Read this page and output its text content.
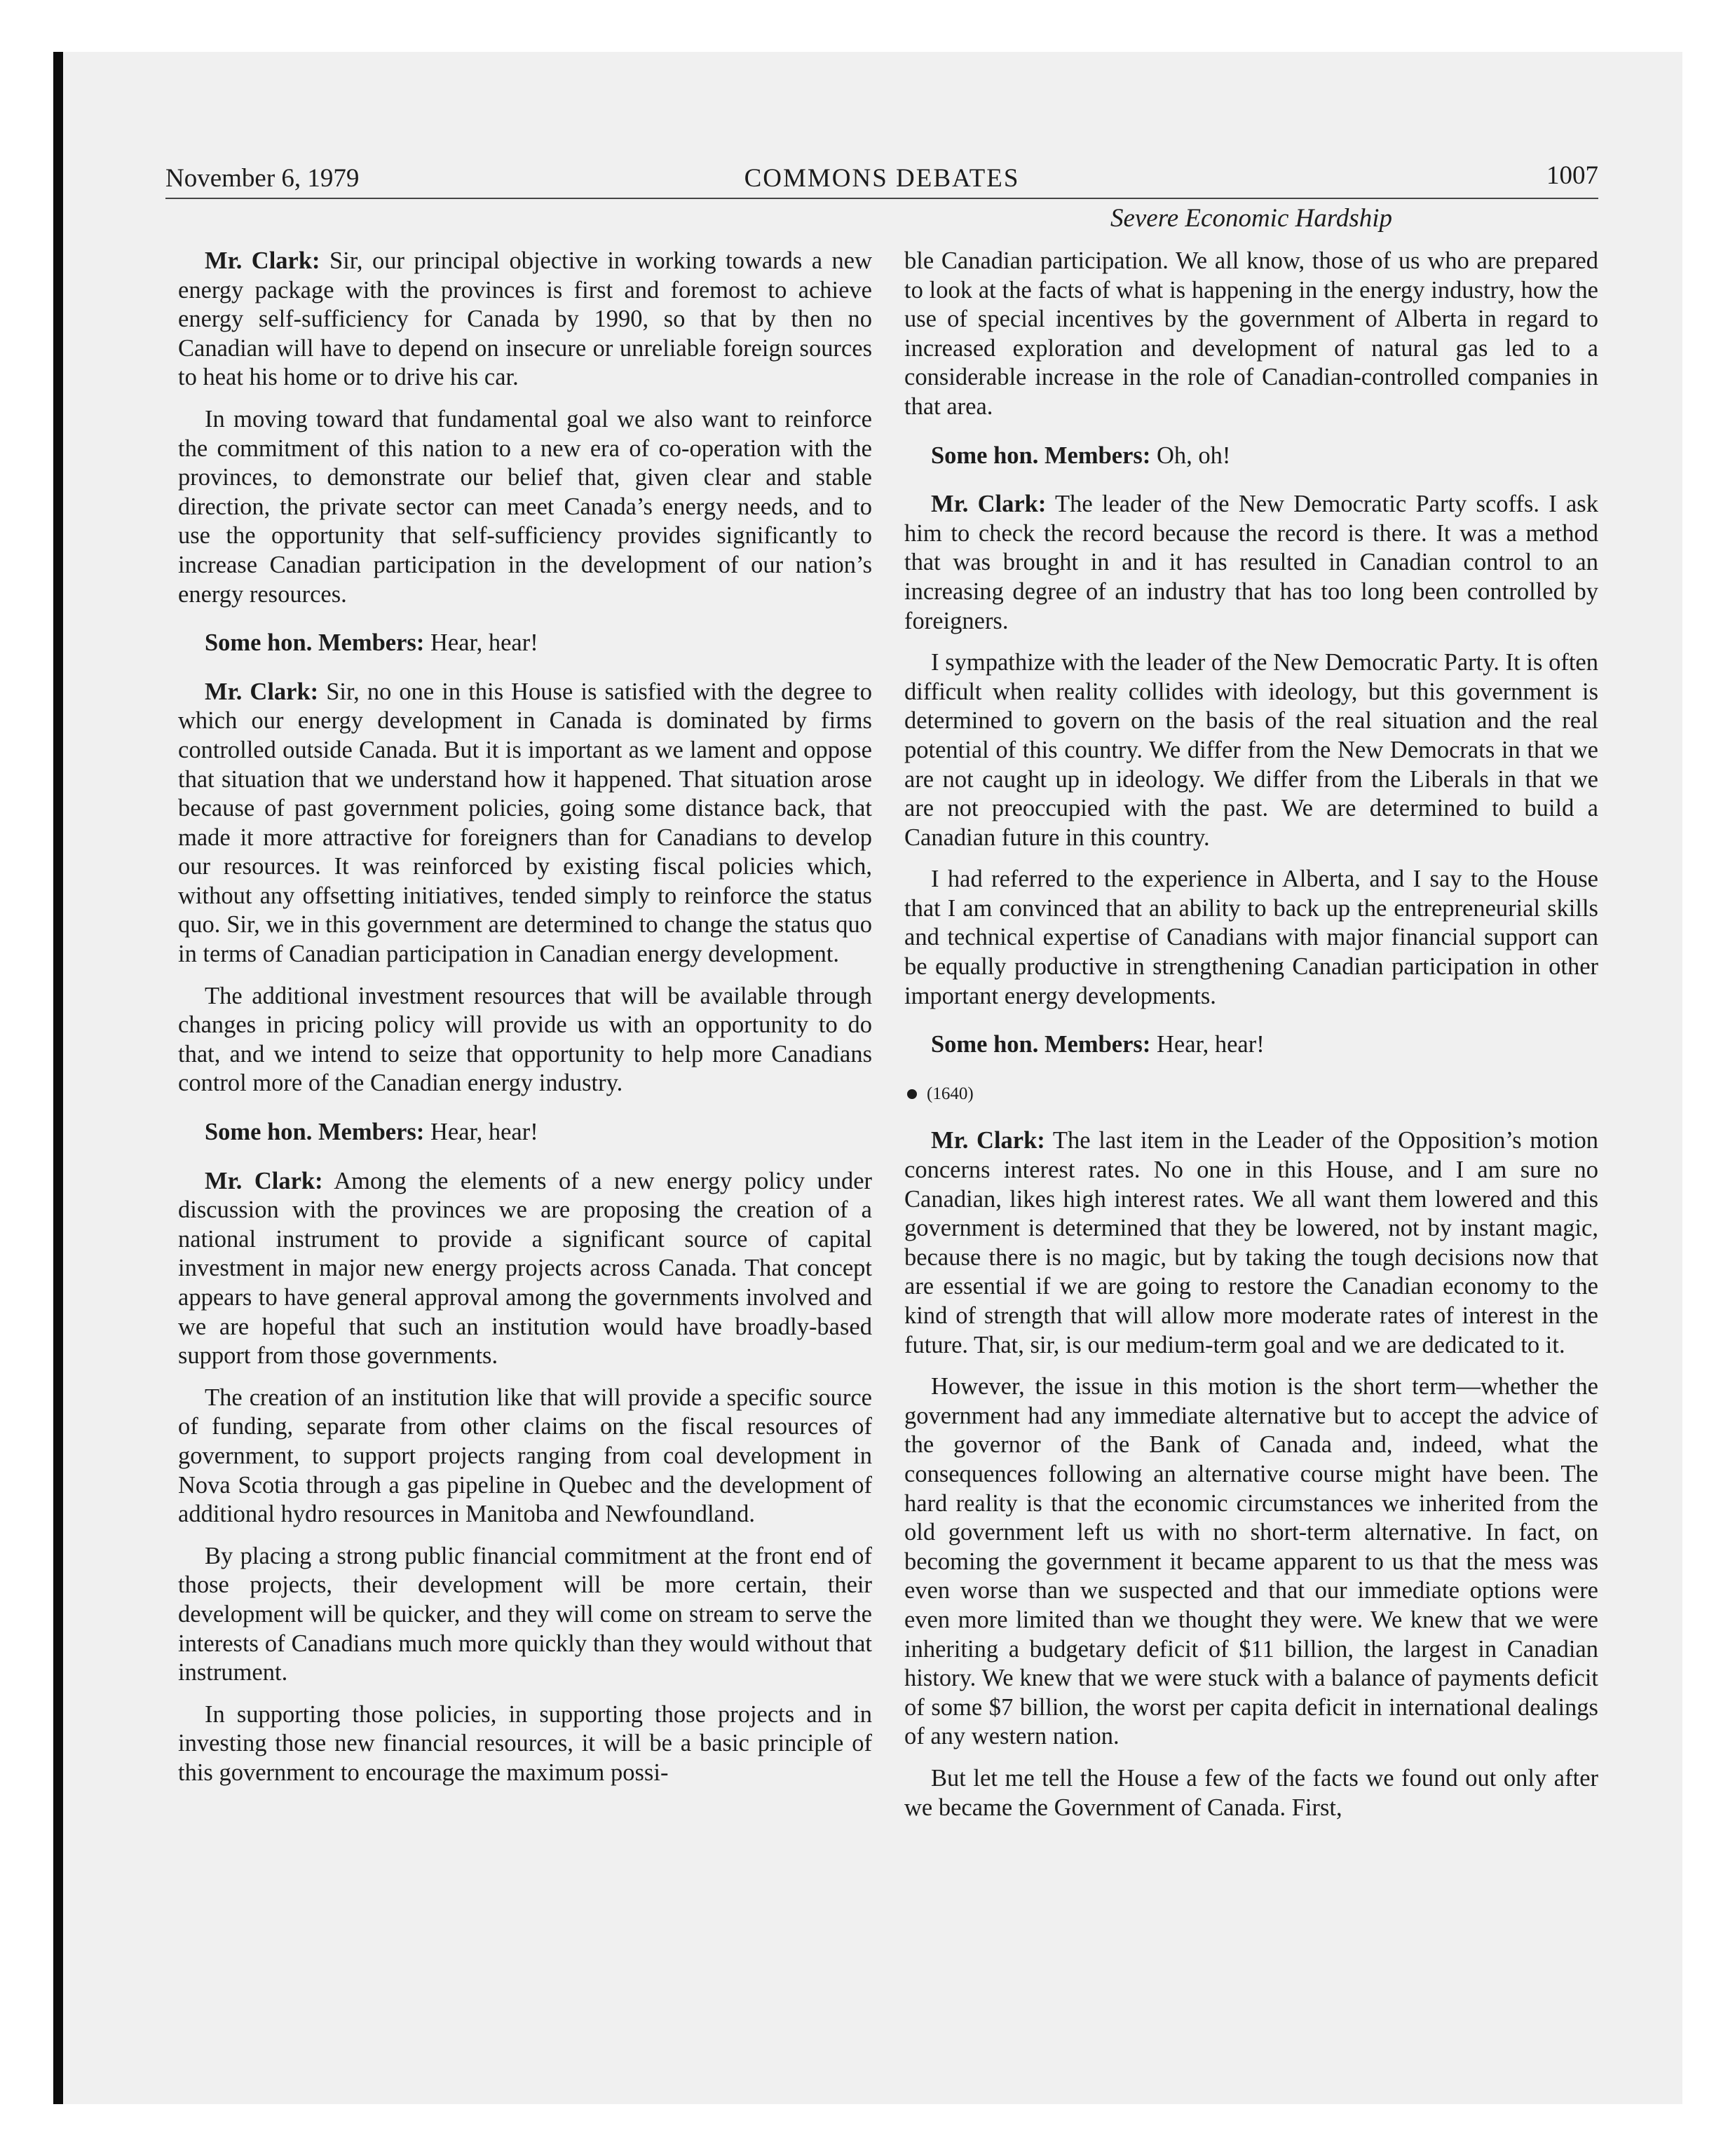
November 6, 1979	COMMONS DEBATES	1007
Severe Economic Hardship

Mr. Clark: Sir, our principal objective in working towards a new energy package with the provinces is first and foremost to achieve energy self-sufficiency for Canada by 1990, so that by then no Canadian will have to depend on insecure or unreliable foreign sources to heat his home or to drive his car.

In moving toward that fundamental goal we also want to reinforce the commitment of this nation to a new era of co-operation with the provinces, to demonstrate our belief that, given clear and stable direction, the private sector can meet Canada’s energy needs, and to use the opportunity that self-sufficiency provides significantly to increase Canadian participation in the development of our nation’s energy resources.

Some hon. Members: Hear, hear!

Mr. Clark: Sir, no one in this House is satisfied with the degree to which our energy development in Canada is dominated by firms controlled outside Canada. But it is important as we lament and oppose that situation that we understand how it happened. That situation arose because of past government policies, going some distance back, that made it more attractive for foreigners than for Canadians to develop our resources. It was reinforced by existing fiscal policies which, without any offsetting initiatives, tended simply to reinforce the status quo. Sir, we in this government are determined to change the status quo in terms of Canadian participation in Canadian energy development.

The additional investment resources that will be available through changes in pricing policy will provide us with an opportunity to do that, and we intend to seize that opportunity to help more Canadians control more of the Canadian energy industry.

Some hon. Members: Hear, hear!

Mr. Clark: Among the elements of a new energy policy under discussion with the provinces we are proposing the creation of a national instrument to provide a significant source of capital investment in major new energy projects across Canada. That concept appears to have general approval among the governments involved and we are hopeful that such an institution would have broadly-based support from those governments.

The creation of an institution like that will provide a specific source of funding, separate from other claims on the fiscal resources of government, to support projects ranging from coal development in Nova Scotia through a gas pipeline in Quebec and the development of additional hydro resources in Manitoba and Newfoundland.

By placing a strong public financial commitment at the front end of those projects, their development will be more certain, their development will be quicker, and they will come on stream to serve the interests of Canadians much more quickly than they would without that instrument.

In supporting those policies, in supporting those projects and in investing those new financial resources, it will be a basic principle of this government to encourage the maximum possi-

ble Canadian participation. We all know, those of us who are prepared to look at the facts of what is happening in the energy industry, how the use of special incentives by the government of Alberta in regard to increased exploration and development of natural gas led to a considerable increase in the role of Canadian-controlled companies in that area.

Some hon. Members: Oh, oh!

Mr. Clark: The leader of the New Democratic Party scoffs. I ask him to check the record because the record is there. It was a method that was brought in and it has resulted in Canadian control to an increasing degree of an industry that has too long been controlled by foreigners.

I sympathize with the leader of the New Democratic Party. It is often difficult when reality collides with ideology, but this government is determined to govern on the basis of the real situation and the real potential of this country. We differ from the New Democrats in that we are not caught up in ideology. We differ from the Liberals in that we are not preoccupied with the past. We are determined to build a Canadian future in this country.

I had referred to the experience in Alberta, and I say to the House that I am convinced that an ability to back up the entrepreneurial skills and technical expertise of Canadians with major financial support can be equally productive in strengthening Canadian participation in other important energy developments.

Some hon. Members: Hear, hear!

(1640)

Mr. Clark: The last item in the Leader of the Opposition’s motion concerns interest rates. No one in this House, and I am sure no Canadian, likes high interest rates. We all want them lowered and this government is determined that they be lowered, not by instant magic, because there is no magic, but by taking the tough decisions now that are essential if we are going to restore the Canadian economy to the kind of strength that will allow more moderate rates of interest in the future. That, sir, is our medium-term goal and we are dedicated to it.

However, the issue in this motion is the short term—whether the government had any immediate alternative but to accept the advice of the governor of the Bank of Canada and, indeed, what the consequences following an alternative course might have been. The hard reality is that the economic circumstances we inherited from the old government left us with no short-term alternative. In fact, on becoming the government it became apparent to us that the mess was even worse than we suspected and that our immediate options were even more limited than we thought they were. We knew that we were inheriting a budgetary deficit of $11 billion, the largest in Canadian history. We knew that we were stuck with a balance of payments deficit of some $7 billion, the worst per capita deficit in international dealings of any western nation.

But let me tell the House a few of the facts we found out only after we became the Government of Canada. First,
